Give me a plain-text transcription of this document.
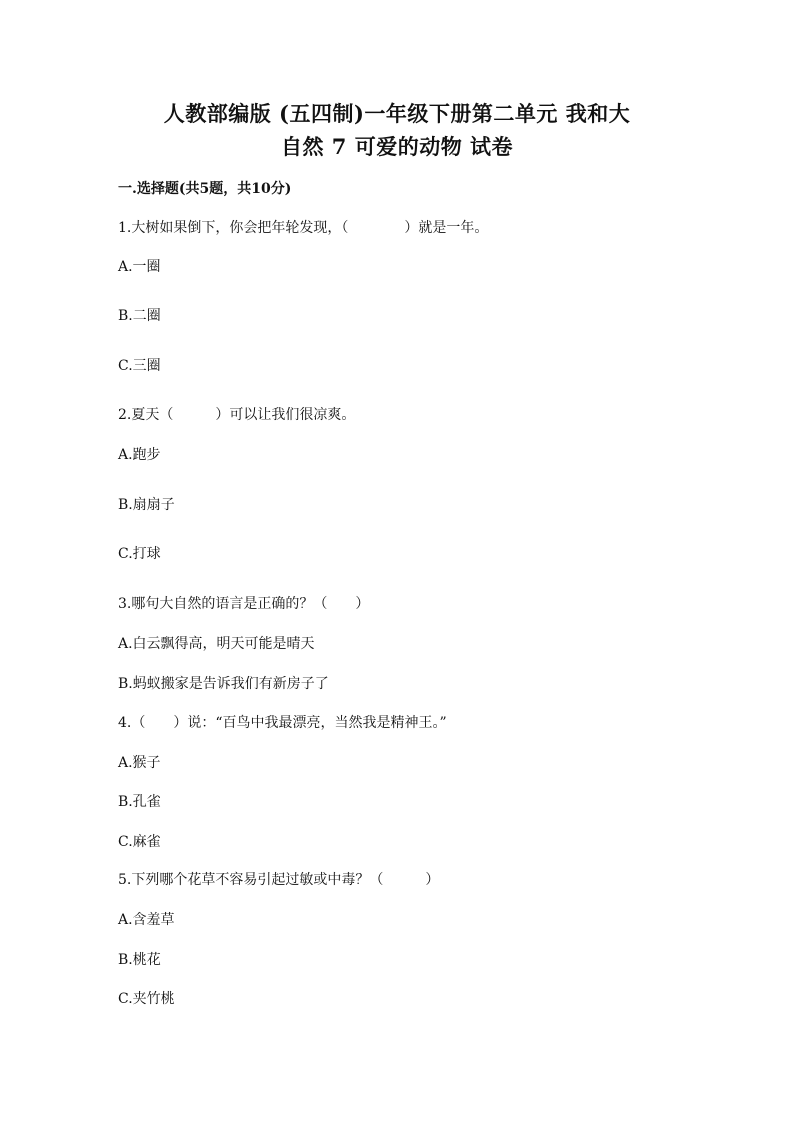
人教部编版 (五四制)一年级下册第二单元 我和大
自然 7 可爱的动物 试卷
一.选择题(共5题，共10分)
1.大树如果倒下，你会把年轮发现，（　　　　）就是一年。
A.一圈
B.二圈
C.三圈
2.夏天（　　　）可以让我们很凉爽。
A.跑步
B.扇扇子
C.打球
3.哪句大自然的语言是正确的？（　　）
A.白云飘得高，明天可能是晴天
B.蚂蚁搬家是告诉我们有新房子了
4.（　　）说：“百鸟中我最漂亮，当然我是精神王。”
A.猴子
B.孔雀
C.麻雀
5.下列哪个花草不容易引起过敏或中毒？（　　　）
A.含羞草
B.桃花
C.夹竹桃
